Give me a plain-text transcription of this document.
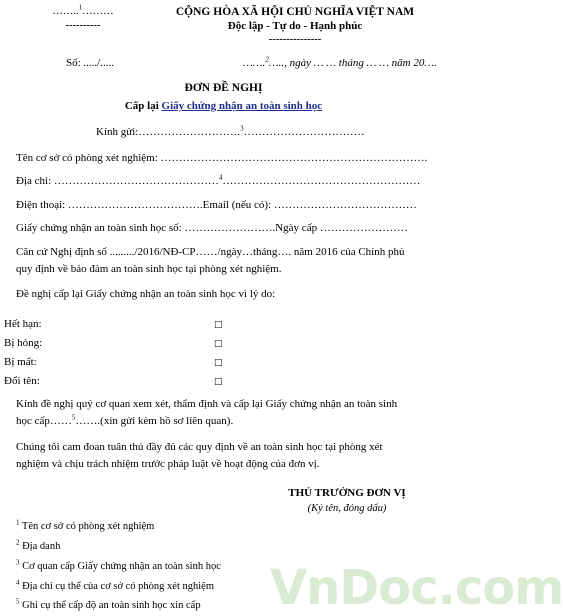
VnDoc.com
……..$^1$………
----------
CỘNG HÒA XÃ HỘI CHỦ NGHĨA VIỆT NAM
Độc lập - Tự do - Hạnh phúc
---------------
Số: ...../.....	…….$^2$….., ngày … … tháng … … năm 20….
ĐƠN ĐỀ NGHỊ
Cấp lại Giấy chứng nhận an toàn sinh học
Kính gửi:……………………….$^3$……………………………
Tên cơ sở có phòng xét nghiệm: ……………………………………………………………….
Địa chỉ: ………………………………………$^4$………………………………………………
Điện thoại: ……………………………….Email (nếu có): …………………………………
Giấy chứng nhận an toàn sinh học số: …………………….Ngày cấp ……………………
Căn cứ Nghị định số ........./2016/NĐ-CP……/ngày…tháng…. năm 2016 của Chính phủ
quy định về bảo đảm an toàn sinh học tại phòng xét nghiệm.
Đề nghị cấp lại Giấy chứng nhận an toàn sinh học vì lý do:
Hết hạn:	□
Bị hỏng:	□
Bị mất:	□
Đổi tên:	□
Kính đề nghị quý cơ quan xem xét, thẩm định và cấp lại Giấy chứng nhận an toàn sinh
học cấp……$^5$…….(xin gửi kèm hồ sơ liên quan).
Chúng tôi cam đoan tuân thủ đầy đủ các quy định về an toàn sinh học tại phòng xét
nghiệm và chịu trách nhiệm trước pháp luật về hoạt động của đơn vị.
THỦ TRƯỞNG ĐƠN VỊ
(Ký tên, đóng dấu)
$^1$ Tên cơ sở có phòng xét nghiệm
$^2$ Địa danh
$^3$ Cơ quan cấp Giấy chứng nhận an toàn sinh học
$^4$ Địa chỉ cụ thể của cơ sở có phòng xét nghiệm
$^5$ Ghi cụ thể cấp độ an toàn sinh học xin cấp
